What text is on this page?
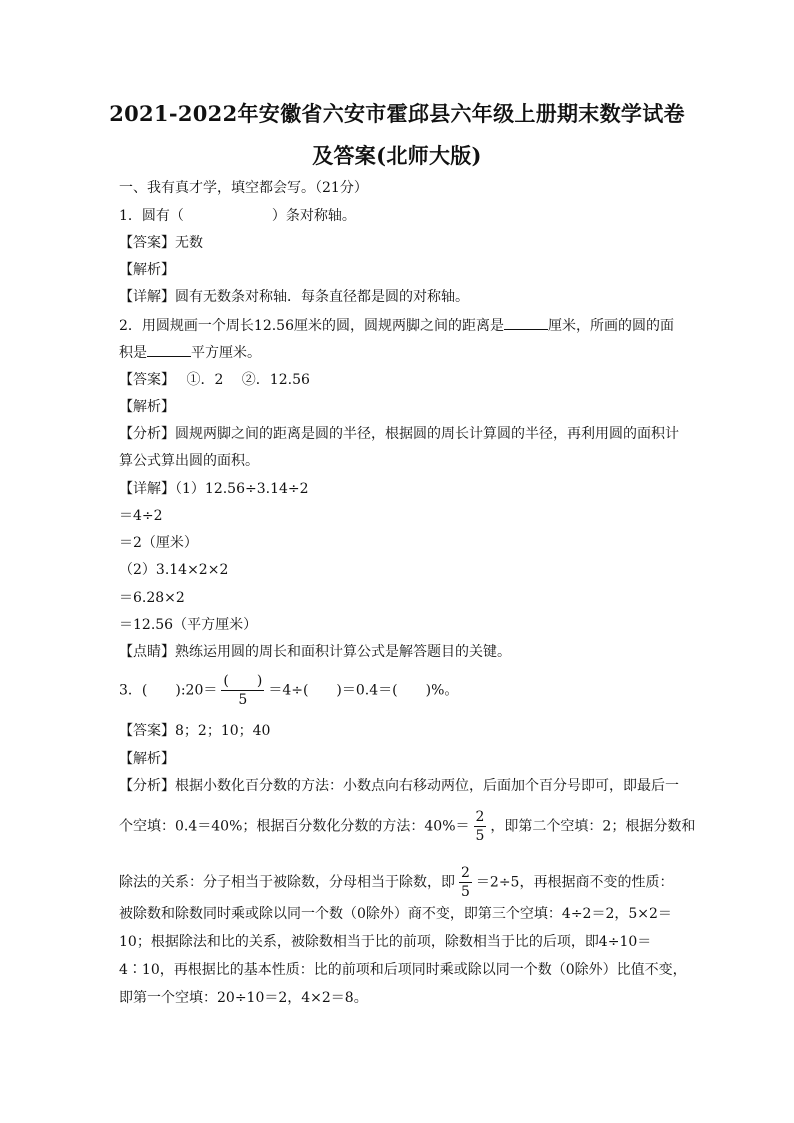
2021-2022年安徽省六安市霍邱县六年级上册期末数学试卷
及答案(北师大版)
一、我有真才学，填空都会写。（21分）
1．圆有（	）条对称轴。
【答案】无数
【解析】
【详解】圆有无数条对称轴．每条直径都是圆的对称轴。
2．用圆规画一个周长12.56厘米的圆，圆规两脚之间的距离是	厘米，所画的圆的面
积是	平方厘米。
【答案】　 ①．2　 ②．12.56
【解析】
【分析】圆规两脚之间的距离是圆的半径，根据圆的周长计算圆的半径，再利用圆的面积计
算公式算出圆的面积。
【详解】（1）12.56÷3.14÷2
＝4÷2
＝2（厘米）
（2）3.14×2×2
＝6.28×2
＝12.56（平方厘米）
【点睛】熟练运用圆的周长和面积计算公式是解答题目的关键。
3．(　　):20＝ $\frac{( )}{5} =4\div$(　　)＝0.4＝(　　)%。
【答案】8；2；10；40
【解析】
【分析】根据小数化百分数的方法：小数点向右移动两位，后面加个百分号即可，即最后一
个空填：0.4＝40%；根据百分数化分数的方法：$40\%= \frac{2}{5}$ ，即第二个空填：2；根据分数和
除法的关系：分子相当于被除数，分母相当于除数，即 $\frac{2}{5} =2\div 5$，再根据商不变的性质：
被除数和除数同时乘或除以同一个数（0除外）商不变，即第三个空填：4÷2＝2，5×2＝
10；根据除法和比的关系，被除数相当于比的前项，除数相当于比的后项，即4÷10＝
4∶10，再根据比的基本性质：比的前项和后项同时乘或除以同一个数（0除外）比值不变，
即第一个空填：20÷10＝2，4×2＝8。
